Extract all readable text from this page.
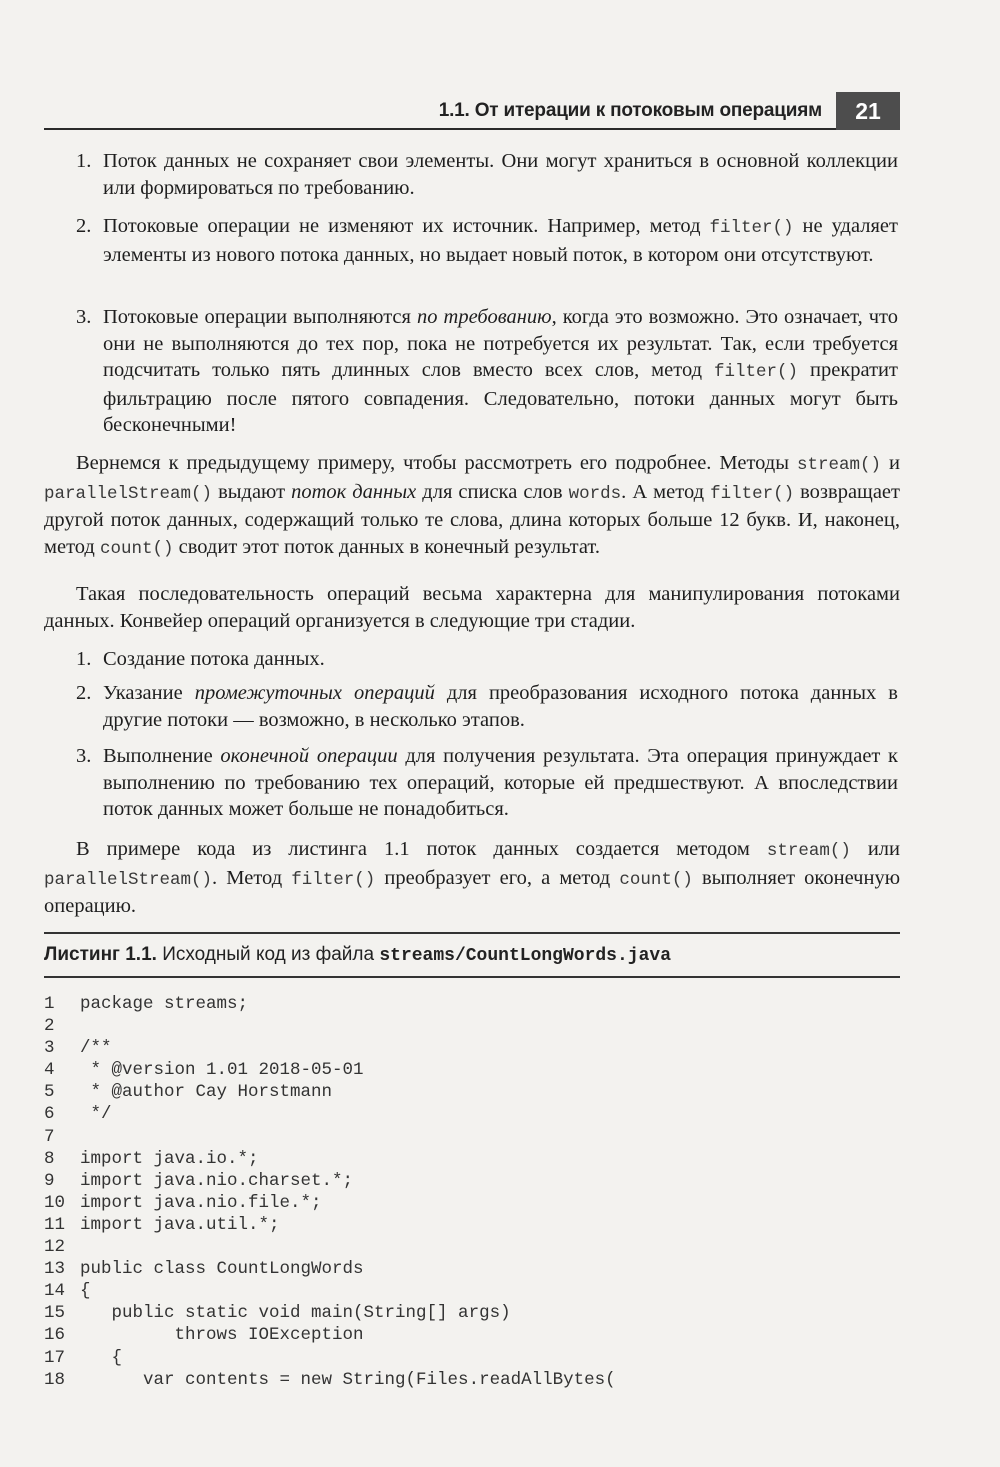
1.1. От итерации к потоковым операциям	21
1. Поток данных не сохраняет свои элементы. Они могут храниться в основной коллекции или формироваться по требованию.
2. Потоковые операции не изменяют их источник. Например, метод filter() не удаляет элементы из нового потока данных, но выдает новый поток, в котором они отсутствуют.
3. Потоковые операции выполняются по требованию, когда это возможно. Это означает, что они не выполняются до тех пор, пока не потребуется их результат. Так, если требуется подсчитать только пять длинных слов вместо всех слов, метод filter() прекратит фильтрацию после пятого совпадения. Следовательно, потоки данных могут быть бесконечными!
Вернемся к предыдущему примеру, чтобы рассмотреть его подробнее. Методы stream() и parallelStream() выдают поток данных для списка слов words. А метод filter() возвращает другой поток данных, содержащий только те слова, длина которых больше 12 букв. И, наконец, метод count() сводит этот поток данных в конечный результат.
Такая последовательность операций весьма характерна для манипулирования потоками данных. Конвейер операций организуется в следующие три стадии.
1. Создание потока данных.
2. Указание промежуточных операций для преобразования исходного потока данных в другие потоки — возможно, в несколько этапов.
3. Выполнение оконечной операции для получения результата. Эта операция принуждает к выполнению по требованию тех операций, которые ей предшествуют. А впоследствии поток данных может больше не понадобиться.
В примере кода из листинга 1.1 поток данных создается методом stream() или parallelStream(). Метод filter() преобразует его, а метод count() выполняет оконечную операцию.
Листинг 1.1. Исходный код из файла streams/CountLongWords.java
1 package streams;
2
3 /**
4 * @version 1.01 2018-05-01
5 * @author Cay Horstmann
6 */
7
8 import java.io.*;
9 import java.nio.charset.*;
10 import java.nio.file.*;
11 import java.util.*;
12
13 public class CountLongWords
14 {
15   public static void main(String[] args)
16         throws IOException
17   {
18      var contents = new String(Files.readAllBytes(
